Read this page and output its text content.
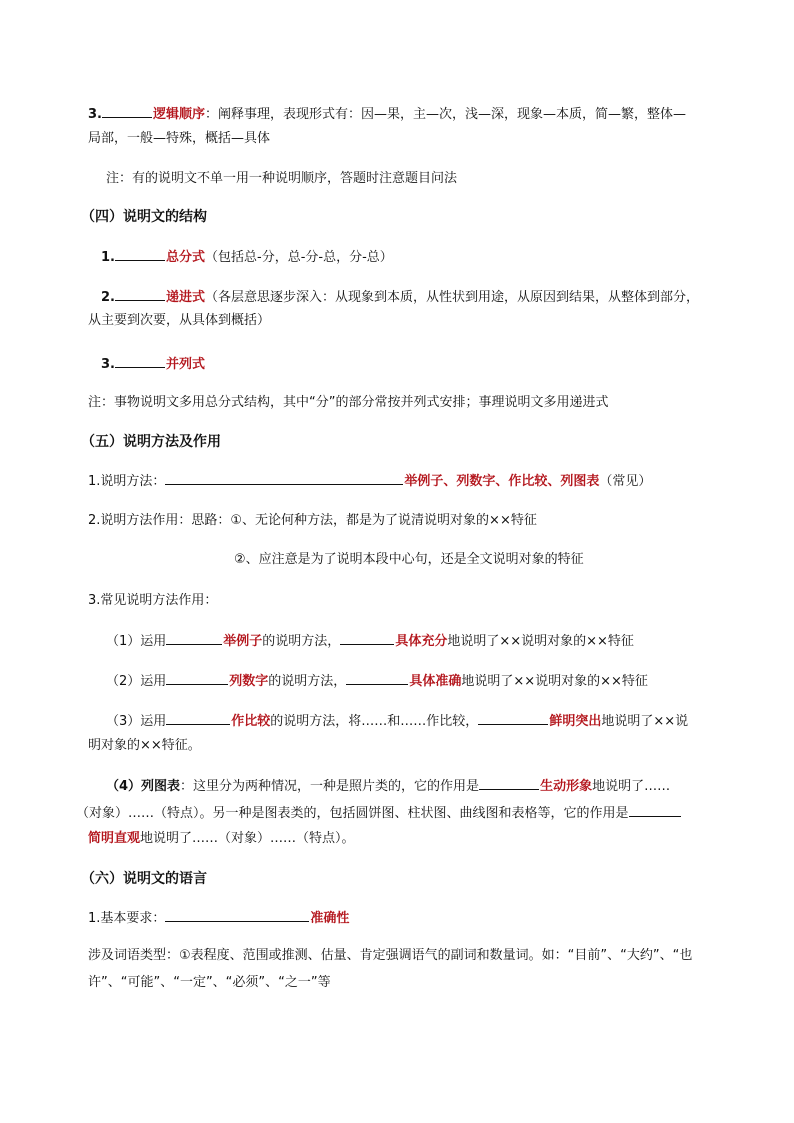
3.	逻辑顺序：阐释事理，表现形式有：因—果，主—次，浅—深，现象—本质，简—繁，整体—
局部，一般—特殊，概括—具体
注：有的说明文不单一用一种说明顺序，答题时注意题目问法
（四）说明文的结构
1.	总分式（包括总-分，总-分-总，分-总）
2.	递进式（各层意思逐步深入：从现象到本质，从性状到用途，从原因到结果，从整体到部分，
从主要到次要，从具体到概括）
3.	并列式
注：事物说明文多用总分式结构，其中“分”的部分常按并列式安排；事理说明文多用递进式
（五）说明方法及作用
1.说明方法：	举例子、列数字、作比较、列图表（常见）
2.说明方法作用：思路：①、无论何种方法，都是为了说清说明对象的××特征
②、应注意是为了说明本段中心句，还是全文说明对象的特征
3.常见说明方法作用：
（1）运用	举例子的说明方法，	具体充分地说明了××说明对象的××特征
（2）运用	列数字的说明方法，	具体准确地说明了××说明对象的××特征
（3）运用	作比较的说明方法，将……和……作比较，	鲜明突出地说明了××说
明对象的××特征。
（4）列图表：这里分为两种情况，一种是照片类的，它的作用是	生动形象地说明了……
（对象）……（特点）。另一种是图表类的，包括圆饼图、柱状图、曲线图和表格等，它的作用是
简明直观地说明了……（对象）……（特点）。
（六）说明文的语言
1.基本要求：	准确性
涉及词语类型：①表程度、范围或推测、估量、肯定强调语气的副词和数量词。如：“目前”、“大约”、“也
许”、“可能”、“一定”、“必须”、“之一”等
